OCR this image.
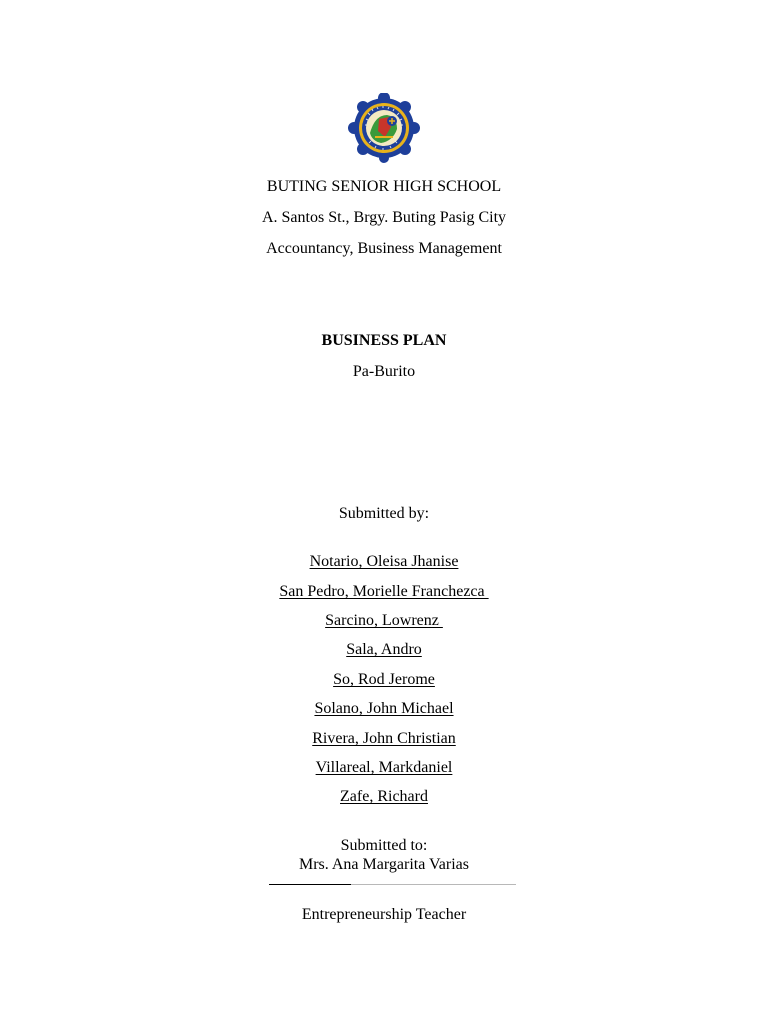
BUTING SENIOR HIGH SCHOOL
A. Santos St., Brgy. Buting Pasig City
Accountancy, Business Management
BUSINESS PLAN
Pa-Burito
Submitted by:
Notario, Oleisa Jhanise
San Pedro, Morielle Franchezca
Sarcino, Lowrenz
Sala, Andro
So, Rod Jerome
Solano, John Michael
Rivera, John Christian
Villareal, Markdaniel
Zafe, Richard
Submitted to:
Mrs. Ana Margarita Varias
Entrepreneurship Teacher
